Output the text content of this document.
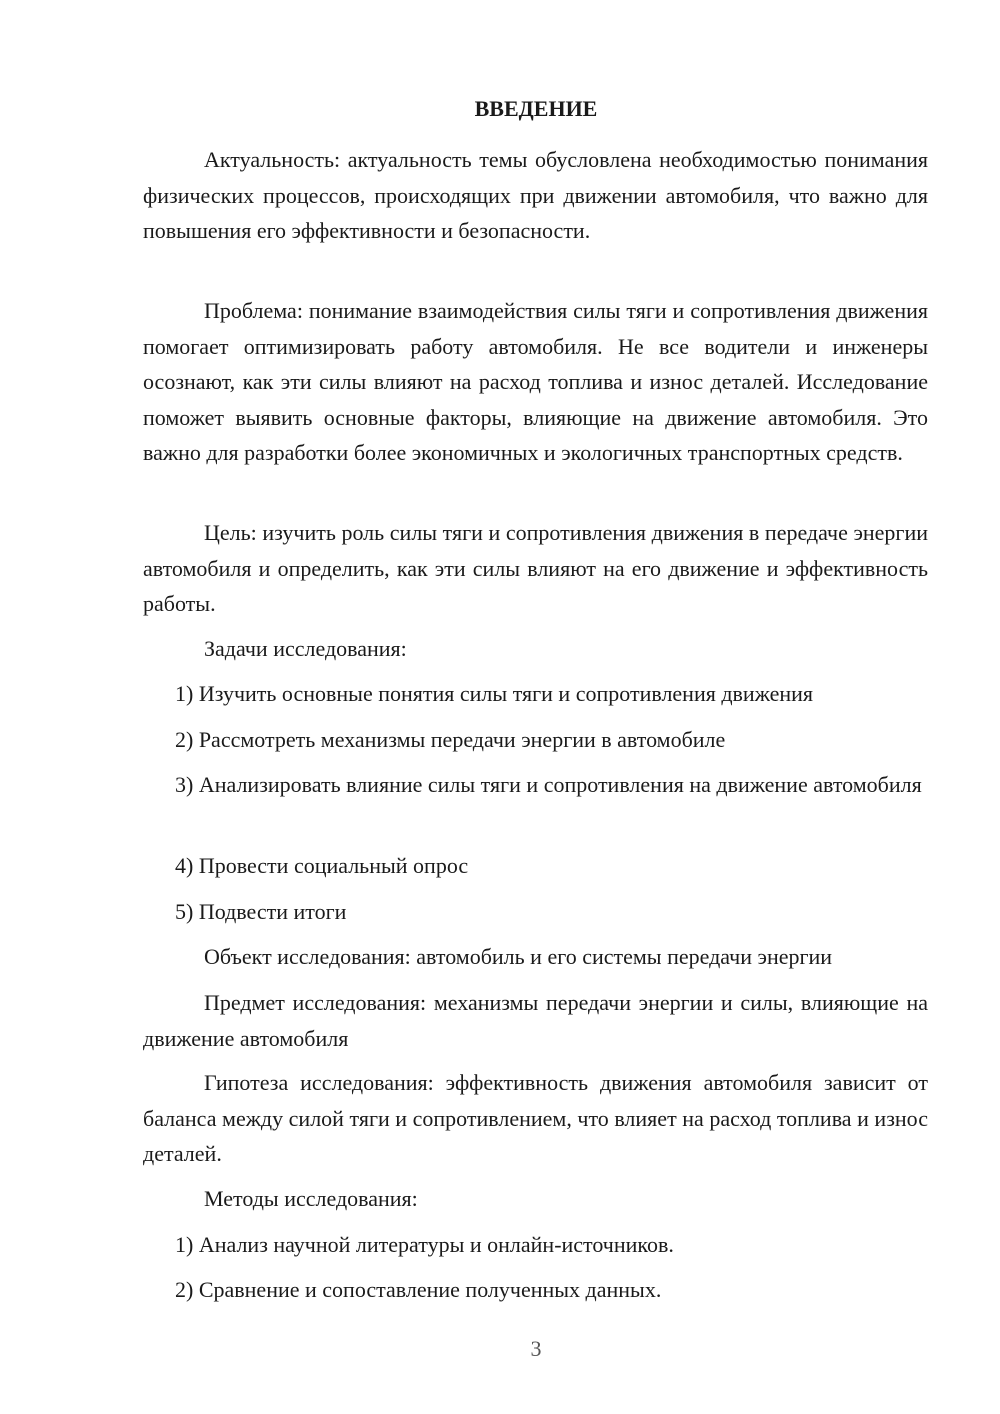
ВВЕДЕНИЕ

Актуальность: актуальность темы обусловлена необходимостью понимания физических процессов, происходящих при движении автомобиля, что важно для повышения его эффективности и безопасности.

Проблема: понимание взаимодействия силы тяги и сопротивления движения помогает оптимизировать работу автомобиля. Не все водители и инженеры осознают, как эти силы влияют на расход топлива и износ деталей. Исследование поможет выявить основные факторы, влияющие на движение автомобиля. Это важно для разработки более экономичных и экологичных транспортных средств.

Цель: изучить роль силы тяги и сопротивления движения в передаче энергии автомобиля и определить, как эти силы влияют на его движение и эффективность работы.

Задачи исследования:

1) Изучить основные понятия силы тяги и сопротивления движения

2) Рассмотреть механизмы передачи энергии в автомобиле

3) Анализировать влияние силы тяги и сопротивления на движение автомобиля

4) Провести социальный опрос

5) Подвести итоги

Объект исследования: автомобиль и его системы передачи энергии

Предмет исследования: механизмы передачи энергии и силы, влияющие на движение автомобиля

Гипотеза исследования: эффективность движения автомобиля зависит от баланса между силой тяги и сопротивлением, что влияет на расход топлива и износ деталей.

Методы исследования:

1) Анализ научной литературы и онлайн-источников.

2) Сравнение и сопоставление полученных данных.

3
